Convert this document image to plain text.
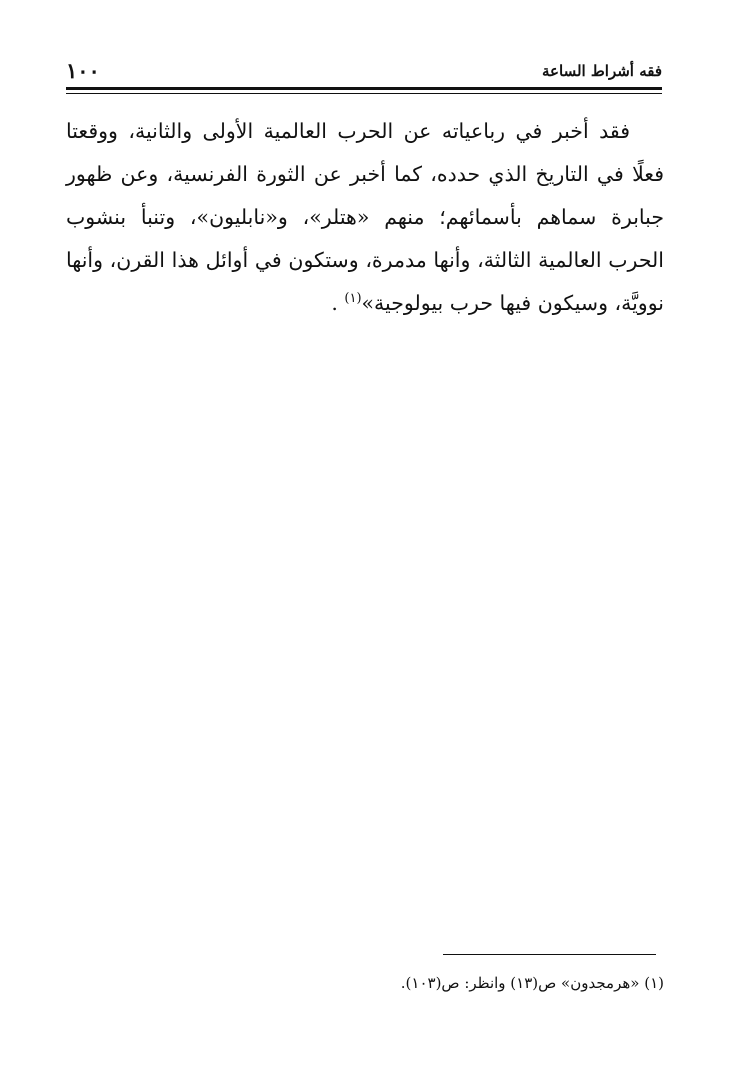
١٠٠	فقه أشراط الساعة

فقد أخبر في رباعياته عن الحرب العالمية الأولى والثانية، ووقعتا فعلًا في التاريخ الذي حدده، كما أخبر عن الثورة الفرنسية، وعن ظهور جبابرة سماهم بأسمائهم؛ منهم «هتلر»، و«نابليون»، وتنبأ بنشوب الحرب العالمية الثالثة، وأنها مدمرة، وستكون في أوائل هذا القرن، وأنها نوويَّة، وسيكون فيها حرب بيولوجية»$^{(١)}$ .

(١) «هرمجدون» ص(١٣) وانظر: ص(١٠٣).
